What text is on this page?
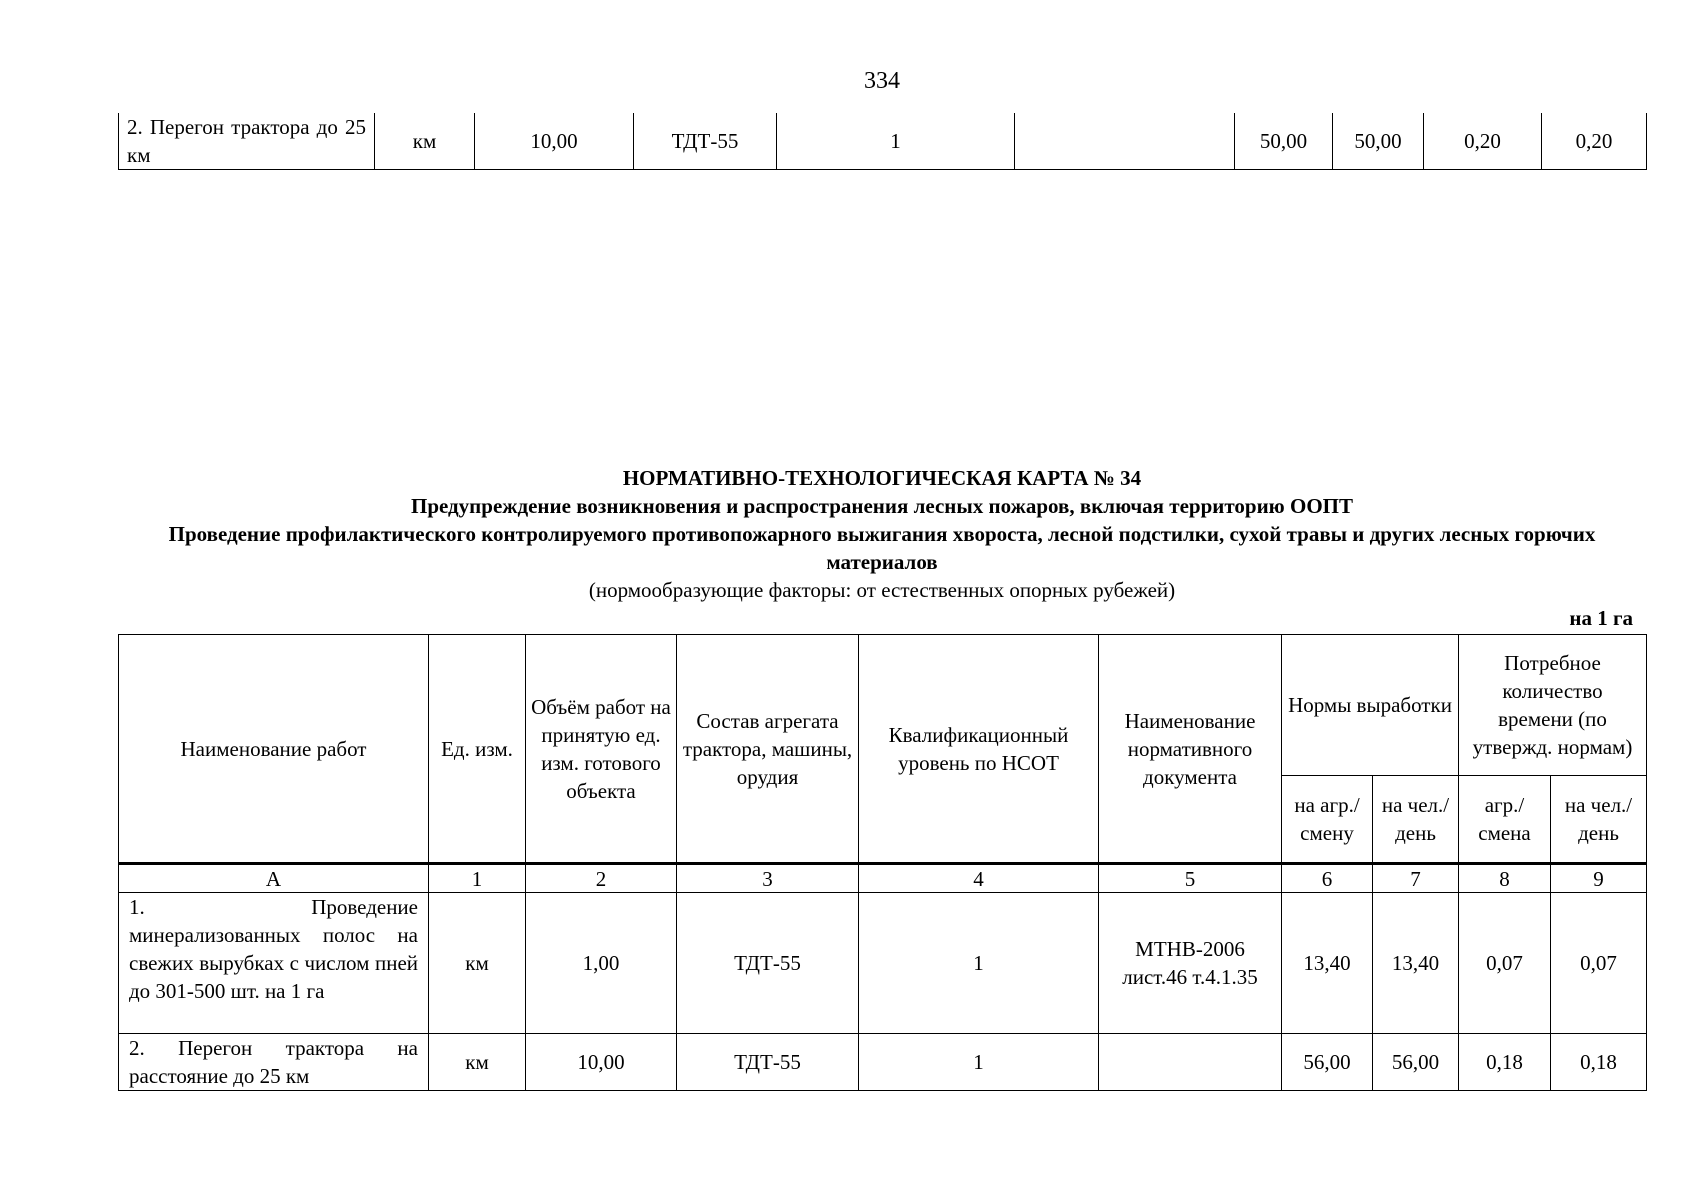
334
2. Перегон трактора до 25 км	км	10,00	ТДТ-55	1		50,00	50,00	0,20	0,20
НОРМАТИВНО-ТЕХНОЛОГИЧЕСКАЯ КАРТА № 34
Предупреждение возникновения и распространения лесных пожаров, включая территорию ООПТ
Проведение профилактического контролируемого противопожарного выжигания хвороста, лесной подстилки, сухой травы и других лесных горючих материалов
(нормообразующие факторы: от естественных опорных рубежей)
на 1 га
Наименование работ	Ед. изм.	Объём работ на принятую ед. изм. готового объекта	Состав агрегата трактора, машины, орудия	Квалификационный уровень по НСОТ	Наименование нормативного документа	Нормы выработки		Потребное количество времени (по утвержд. нормам)	
						на агр./ смену	на чел./ день	агр./ смена	на чел./ день
А	1	2	3	4	5	6	7	8	9
1. Проведение минерализованных полос на свежих вырубках с числом пней до 301-500 шт. на 1 га	км	1,00	ТДТ-55	1	МТНВ-2006 лист.46 т.4.1.35	13,40	13,40	0,07	0,07
2. Перегон трактора на расстояние до 25 км	км	10,00	ТДТ-55	1		56,00	56,00	0,18	0,18
